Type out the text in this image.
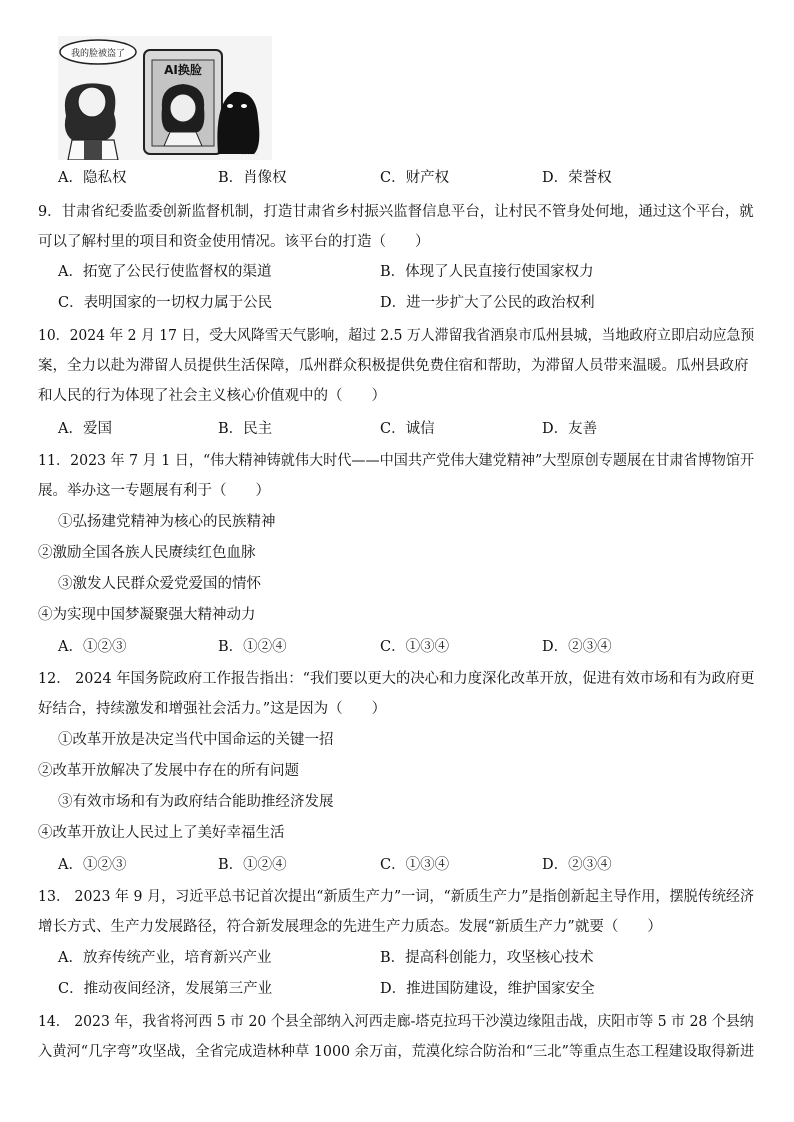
我的脸被盗了
AI换脸
· · · · · ·
A．隐私权	B．肖像权	C．财产权	D．荣誉权
9．甘肃省纪委监委创新监督机制，打造甘肃省乡村振兴监督信息平台，让村民不管身处何地，通过这个平台，就
可以了解村里的项目和资金使用情况。该平台的打造（　　）
A．拓宽了公民行使监督权的渠道	B．体现了人民直接行使国家权力
C．表明国家的一切权力属于公民	D．进一步扩大了公民的政治权利
10．2024 年 2 月 17 日，受大风降雪天气影响，超过 2.5 万人滞留我省酒泉市瓜州县城，当地政府立即启动应急预
案，全力以赴为滞留人员提供生活保障，瓜州群众积极提供免费住宿和帮助，为滞留人员带来温暖。瓜州县政府
和人民的行为体现了社会主义核心价值观中的（　　）
A．爱国	B．民主	C．诚信	D．友善
11．2023 年 7 月 1 日，“伟大精神铸就伟大时代——中国共产党伟大建党精神”大型原创专题展在甘肃省博物馆开
展。举办这一专题展有利于（　　）
①弘扬建党精神为核心的民族精神
②激励全国各族人民赓续红色血脉
③激发人民群众爱党爱国的情怀
④为实现中国梦凝聚强大精神动力
A．①②③	B．①②④	C．①③④	D．②③④
12． 2024 年国务院政府工作报告指出：“我们要以更大的决心和力度深化改革开放，促进有效市场和有为政府更
好结合，持续激发和增强社会活力。”这是因为（　　）
①改革开放是决定当代中国命运的关键一招
②改革开放解决了发展中存在的所有问题
③有效市场和有为政府结合能助推经济发展
④改革开放让人民过上了美好幸福生活
A．①②③	B．①②④	C．①③④	D．②③④
13． 2023 年 9 月，习近平总书记首次提出“新质生产力”一词，“新质生产力”是指创新起主导作用，摆脱传统经济
增长方式、生产力发展路径，符合新发展理念的先进生产力质态。发展“新质生产力”就要（　　）
A．放弃传统产业，培育新兴产业	B．提高科创能力，攻坚核心技术
C．推动夜间经济，发展第三产业	D．推进国防建设，维护国家安全
14． 2023 年，我省将河西 5 市 20 个县全部纳入河西走廊-塔克拉玛干沙漠边缘阻击战，庆阳市等 5 市 28 个县纳
入黄河“几字弯”攻坚战，全省完成造林种草 1000 余万亩，荒漠化综合防治和“三北”等重点生态工程建设取得新进
